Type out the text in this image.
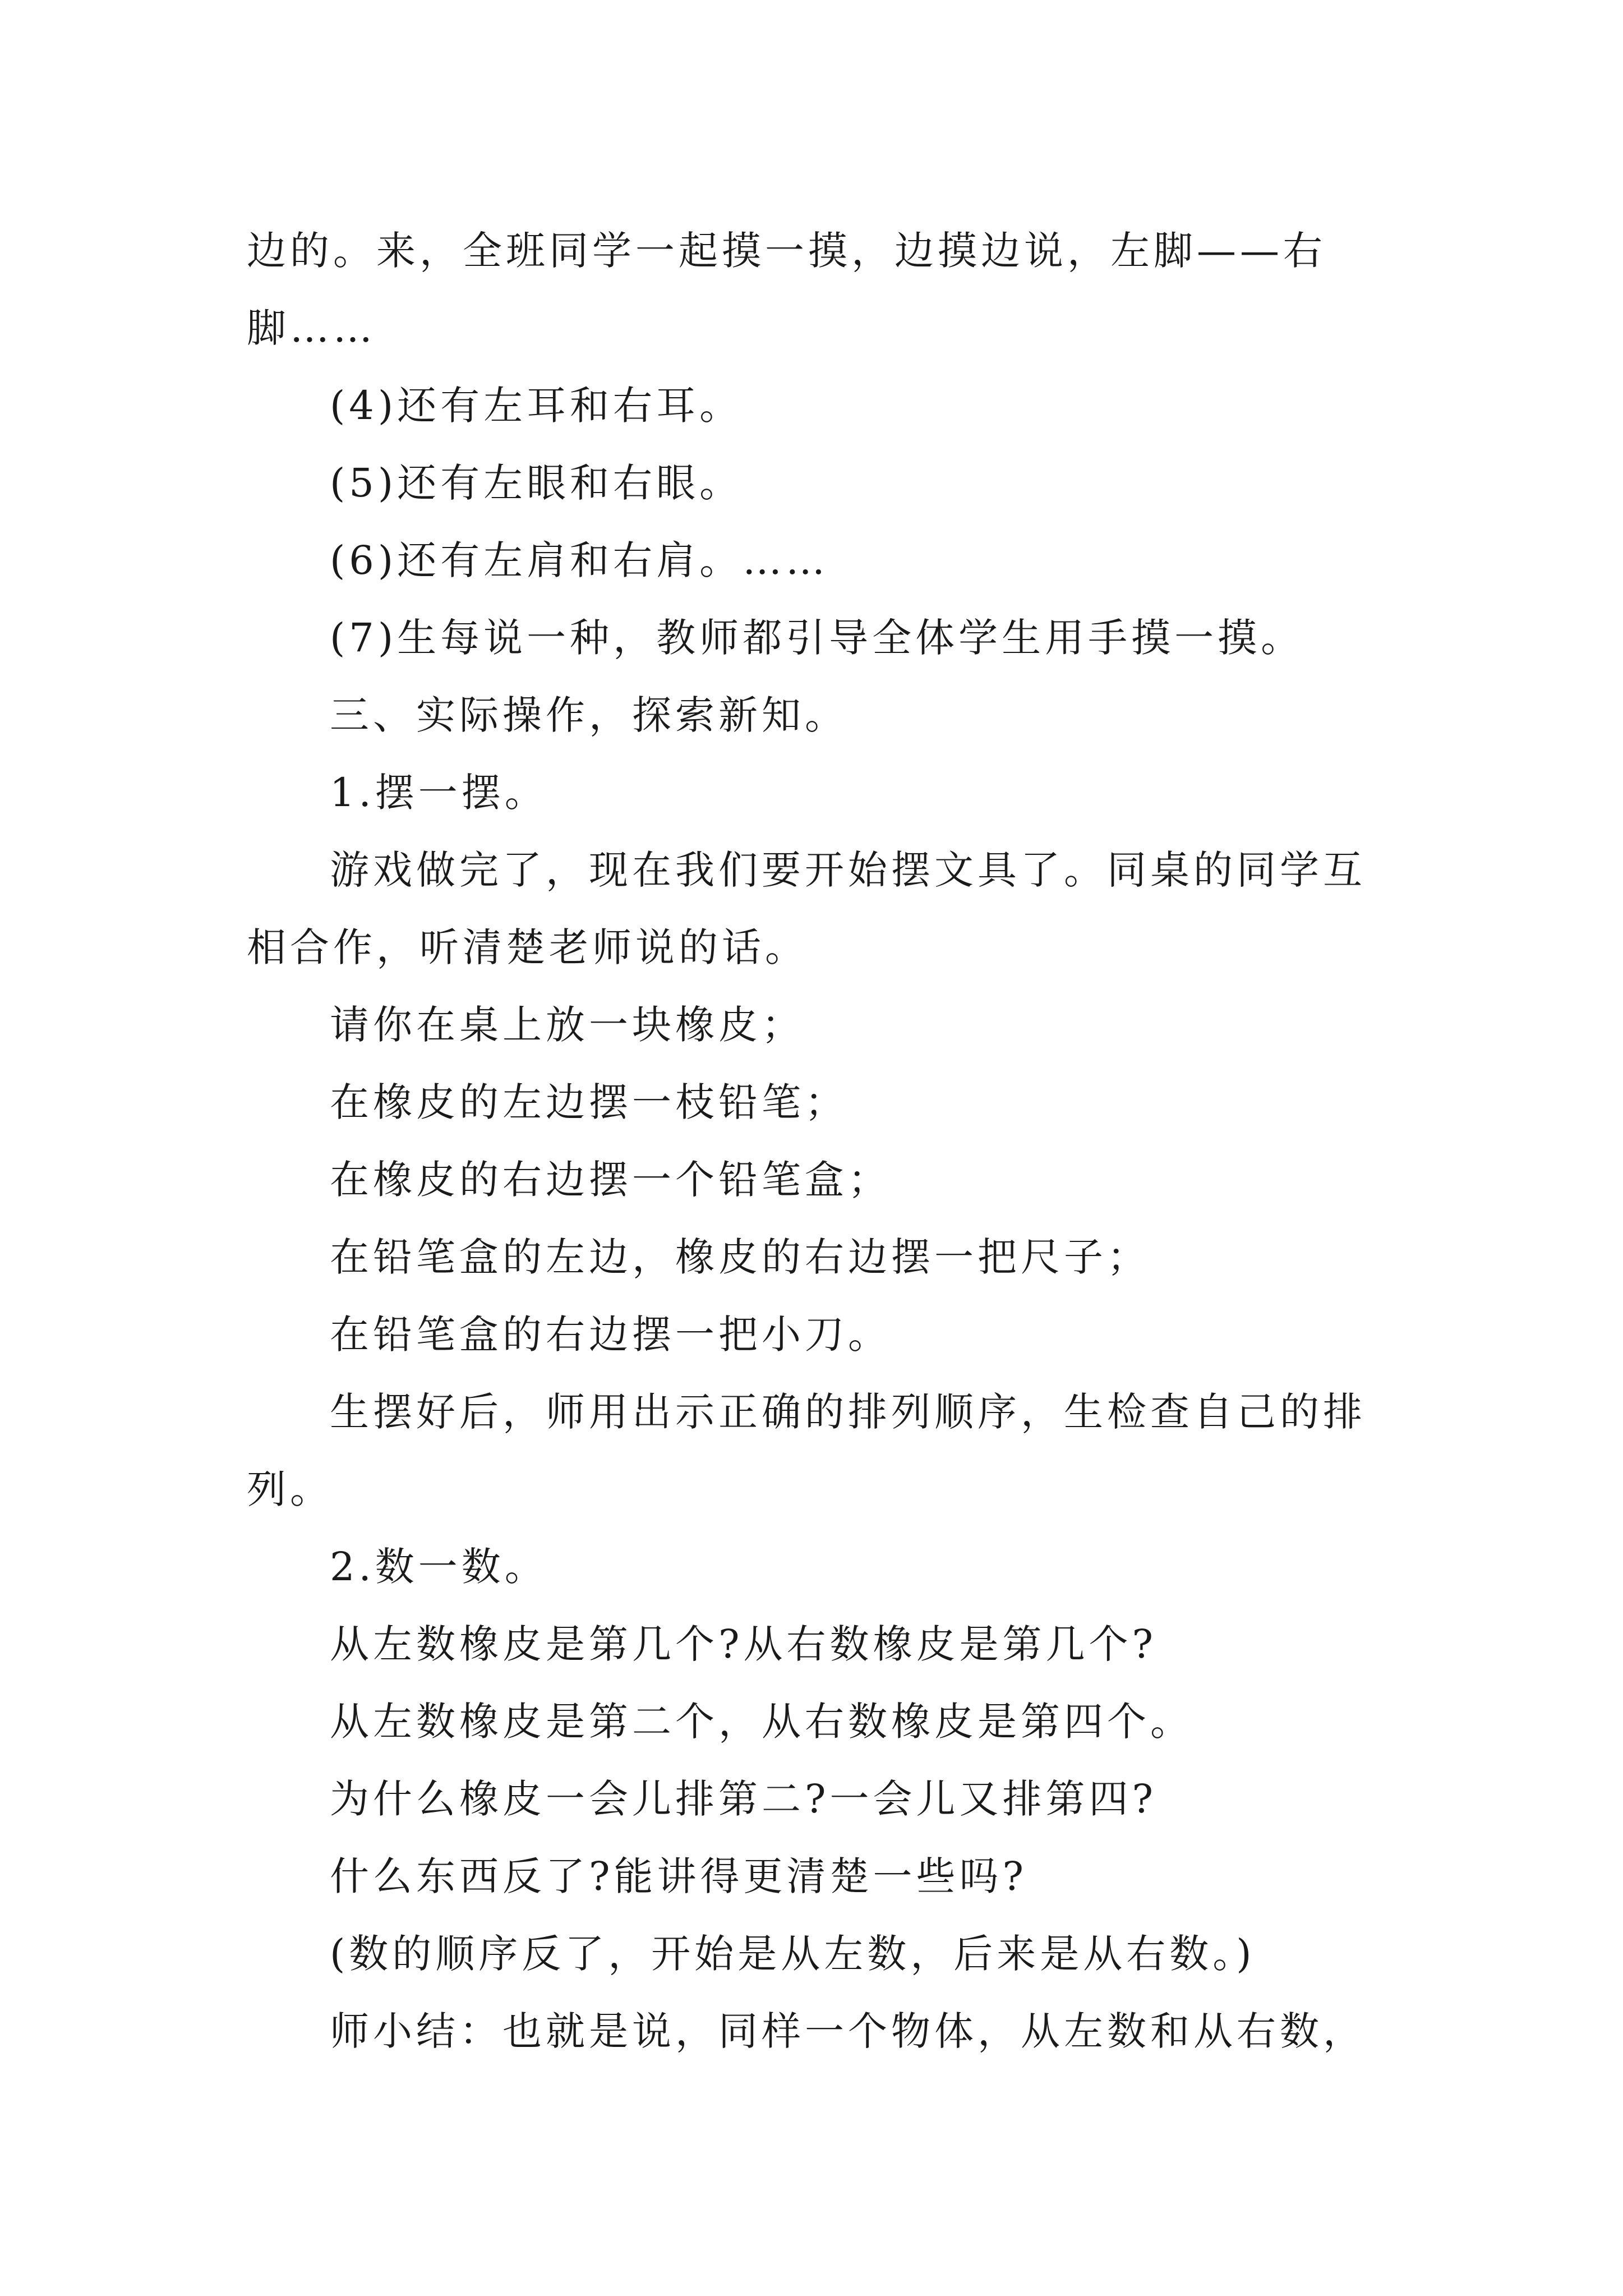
边的。来，全班同学一起摸一摸，边摸边说，左脚——右脚……

(4)还有左耳和右耳。

(5)还有左眼和右眼。

(6)还有左肩和右肩。……

(7)生每说一种，教师都引导全体学生用手摸一摸。

三、实际操作，探索新知。

1.摆一摆。

游戏做完了，现在我们要开始摆文具了。同桌的同学互相合作，听清楚老师说的话。

请你在桌上放一块橡皮；

在橡皮的左边摆一枝铅笔；

在橡皮的右边摆一个铅笔盒；

在铅笔盒的左边，橡皮的右边摆一把尺子；

在铅笔盒的右边摆一把小刀。

生摆好后，师用出示正确的排列顺序，生检查自己的排列。

2.数一数。

从左数橡皮是第几个?从右数橡皮是第几个?

从左数橡皮是第二个，从右数橡皮是第四个。

为什么橡皮一会儿排第二?一会儿又排第四?

什么东西反了?能讲得更清楚一些吗?

(数的顺序反了，开始是从左数，后来是从右数。)

师小结：也就是说，同样一个物体，从左数和从右数，
